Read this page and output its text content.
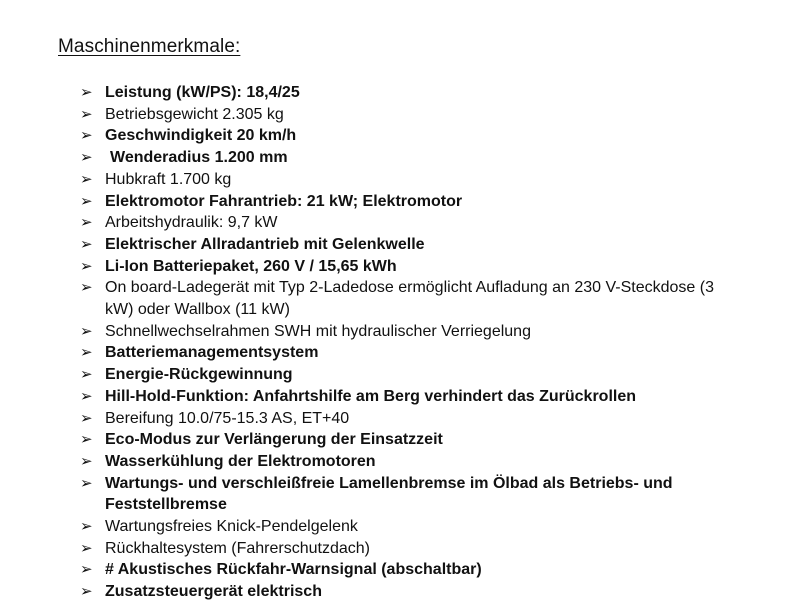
Maschinenmerkmale:
➢ Leistung (kW/PS): 18,4/25
➢ Betriebsgewicht 2.305 kg
➢ Geschwindigkeit 20 km/h
➢	Wenderadius 1.200 mm
➢ Hubkraft 1.700 kg
➢ Elektromotor Fahrantrieb: 21 kW; Elektromotor
➢ Arbeitshydraulik: 9,7 kW
➢ Elektrischer Allradantrieb mit Gelenkwelle
➢ Li-Ion Batteriepaket, 260 V / 15,65 kWh
➢ On board-Ladegerät mit Typ 2-Ladedose ermöglicht Aufladung an 230 V-Steckdose (3 kW) oder Wallbox (11 kW)
➢ Schnellwechselrahmen SWH mit hydraulischer Verriegelung
➢ Batteriemanagementsystem
➢ Energie-Rückgewinnung
➢ Hill-Hold-Funktion: Anfahrtshilfe am Berg verhindert das Zurückrollen
➢ Bereifung 10.0/75-15.3 AS, ET+40
➢ Eco-Modus zur Verlängerung der Einsatzzeit
➢ Wasserkühlung der Elektromotoren
➢ Wartungs- und verschleißfreie Lamellenbremse im Ölbad als Betriebs- und Feststellbremse
➢ Wartungsfreies Knick-Pendelgelenk
➢ Rückhaltesystem (Fahrerschutzdach)
➢ # Akustisches Rückfahr-Warnsignal (abschaltbar)
➢ Zusatzsteuergerät elektrisch
